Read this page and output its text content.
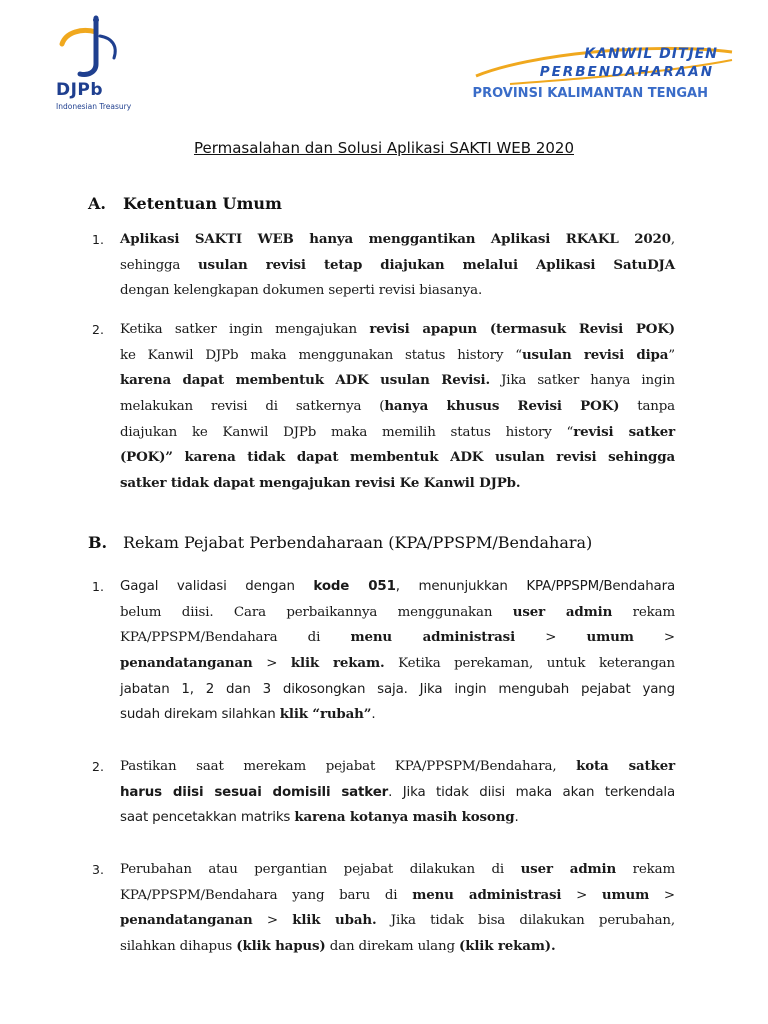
DJPb
Indonesian Treasury
KANWIL DITJEN
PERBENDAHARAAN
PROVINSI KALIMANTAN TENGAH
Permasalahan dan Solusi Aplikasi SAKTI WEB 2020
A. Ketentuan Umum
1. Aplikasi SAKTI WEB hanya menggantikan Aplikasi RKAKL 2020,
sehingga usulan revisi tetap diajukan melalui Aplikasi SatuDJA
dengan kelengkapan dokumen seperti revisi biasanya.
2. Ketika satker ingin mengajukan revisi apapun (termasuk Revisi POK)
ke Kanwil DJPb maka menggunakan status history “usulan revisi dipa”
karena dapat membentuk ADK usulan Revisi. Jika satker hanya ingin
melakukan revisi di satkernya (hanya khusus Revisi POK) tanpa
diajukan ke Kanwil DJPb maka memilih status history “revisi satker
(POK)” karena tidak dapat membentuk ADK usulan revisi sehingga
satker tidak dapat mengajukan revisi Ke Kanwil DJPb.
B. Rekam Pejabat Perbendaharaan (KPA/PPSPM/Bendahara)
1. Gagal validasi dengan kode 051, menunjukkan KPA/PPSPM/Bendahara
belum diisi. Cara perbaikannya menggunakan user admin rekam
KPA/PPSPM/Bendahara di menu administrasi > umum >
penandatanganan > klik rekam. Ketika perekaman, untuk keterangan
jabatan 1, 2 dan 3 dikosongkan saja. Jika ingin mengubah pejabat yang
sudah direkam silahkan klik “rubah”.
2. Pastikan saat merekam pejabat KPA/PPSPM/Bendahara, kota satker
harus diisi sesuai domisili satker. Jika tidak diisi maka akan terkendala
saat pencetakkan matriks karena kotanya masih kosong.
3. Perubahan atau pergantian pejabat dilakukan di user admin rekam
KPA/PPSPM/Bendahara yang baru di menu administrasi > umum >
penandatanganan > klik ubah. Jika tidak bisa dilakukan perubahan,
silahkan dihapus (klik hapus) dan direkam ulang (klik rekam).
